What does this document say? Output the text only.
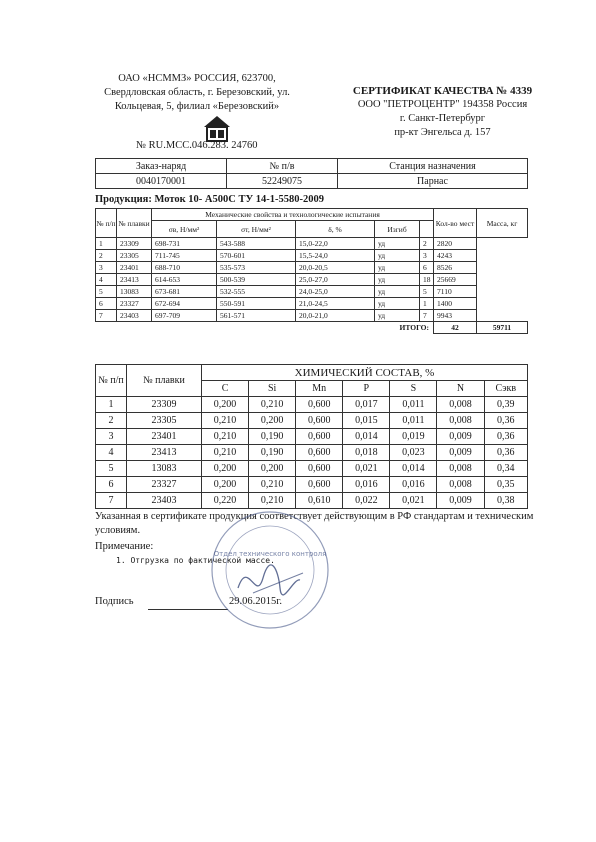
ОАО «НСММЗ» РОССИЯ, 623700,
Свердловская область, г. Березовский, ул.
Кольцевая, 5, филиал «Березовский»
СЕРТИФИКАТ КАЧЕСТВА № 4339
ООО "ПЕТРОЦЕНТР" 194358 Россия
г. Санкт-Петербург
пр-кт Энгельса д. 157
№ RU.МСС.046.283. 24760
Заказ-наряд	№ п/в	Станция назначения
0040170001	52249075	Парнас
Продукция: Моток 10- А500С ТУ 14-1-5580-2009
№ п/п	№ плавки	Механические свойства и технологические испытания					Кол-во мест	Масса, кг
		σв, Н/мм²	σт, Н/мм²	δ, %	Изгиб			
1	23309	698-731	543-588	15,0-22,0	уд	2	2820	
2	23305	711-745	570-601	15,5-24,0	уд	3	4243	
3	23401	688-710	535-573	20,0-20,5	уд	6	8526	
4	23413	614-653	500-539	25,0-27,0	уд	18	25669	
5	13083	673-681	532-555	24,0-25,0	уд	5	7110	
6	23327	672-694	550-591	21,0-24,5	уд	1	1400	
7	23403	697-709	561-571	20,0-21,0	уд	7	9943	
ИТОГО:							42	59711
№ п/п	№ плавки	ХИМИЧЕСКИЙ СОСТАВ, %						
		C	Si	Mn	P	S	N	Сэкв
1	23309	0,200	0,210	0,600	0,017	0,011	0,008	0,39
2	23305	0,210	0,200	0,600	0,015	0,011	0,008	0,36
3	23401	0,210	0,190	0,600	0,014	0,019	0,009	0,36
4	23413	0,210	0,190	0,600	0,018	0,023	0,009	0,36
5	13083	0,200	0,200	0,600	0,021	0,014	0,008	0,34
6	23327	0,200	0,210	0,600	0,016	0,016	0,008	0,35
7	23403	0,220	0,210	0,610	0,022	0,021	0,009	0,38
Указанная в сертификате продукция соответствует действующим в РФ стандартам и техническим условиям.
Примечание:
1. Отгрузка по фактической массе.
Подпись	29.06.2015г.
Отдел технического контроля
